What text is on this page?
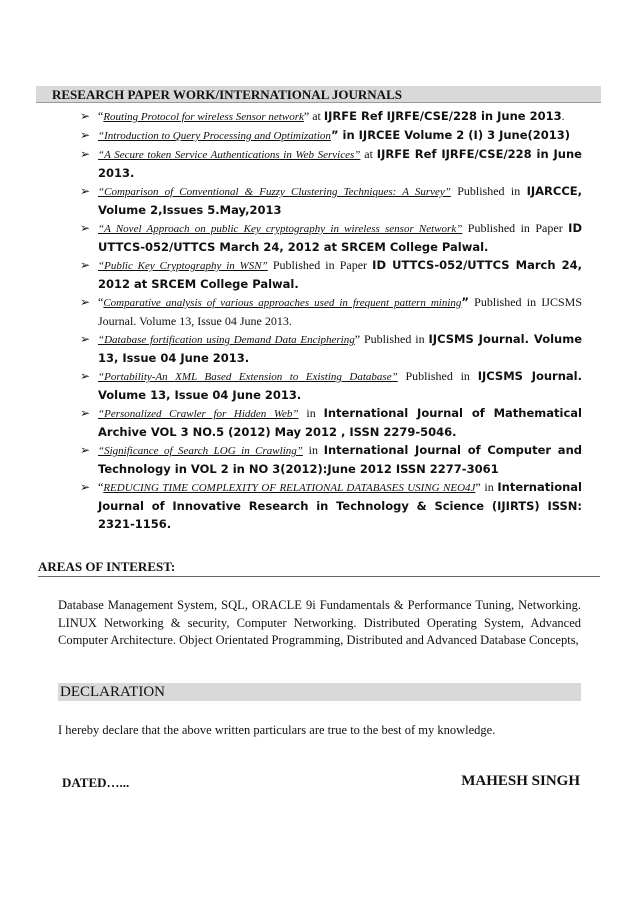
RESEARCH PAPER WORK/INTERNATIONAL JOURNALS
➢ “Routing Protocol for wireless Sensor network” at IJRFE Ref IJRFE/CSE/228 in June 2013.
➢ “Introduction to Query Processing and Optimization” in IJRCEE Volume 2 (I) 3 June(2013)
➢ “A Secure token Service Authentications in Web Services” at IJRFE Ref IJRFE/CSE/228 in June 2013.
➢ “Comparison of Conventional & Fuzzy Clustering Techniques: A Survey” Published in IJARCCE, Volume 2,Issues 5.May,2013
➢ “A Novel Approach on public Key cryptography in wireless sensor Network” Published in Paper ID UTTCS-052/UTTCS March 24, 2012 at SRCEM College Palwal.
➢ “Public Key Cryptography in WSN” Published in Paper ID UTTCS-052/UTTCS March 24, 2012 at SRCEM College Palwal.
➢ “Comparative analysis of various approaches used in frequent pattern mining” Published in IJCSMS Journal. Volume 13, Issue 04 June 2013.
➢ “Database fortification using Demand Data Enciphering” Published in IJCSMS Journal. Volume 13, Issue 04 June 2013.
➢ “Portability-An XML Based Extension to Existing Database” Published in IJCSMS Journal. Volume 13, Issue 04 June 2013.
➢ “Personalized Crawler for Hidden Web” in International Journal of Mathematical Archive VOL 3 NO.5 (2012) May 2012 , ISSN 2279-5046.
➢ “Significance of Search LOG in Crawling” in International Journal of Computer and Technology in VOL 2 in NO 3(2012):June 2012 ISSN 2277-3061
➢ “REDUCING TIME COMPLEXITY OF RELATIONAL DATABASES USING NEO4J” in International Journal of Innovative Research in Technology & Science (IJIRTS) ISSN: 2321-1156.
AREAS OF INTEREST:
Database Management System, SQL, ORACLE 9i Fundamentals & Performance Tuning, Networking. LINUX Networking & security, Computer Networking. Distributed Operating System, Advanced Computer Architecture. Object Orientated Programming, Distributed and Advanced Database Concepts,
DECLARATION
I hereby declare that the above written particulars are true to the best of my knowledge.
DATED…...	MAHESH SINGH
